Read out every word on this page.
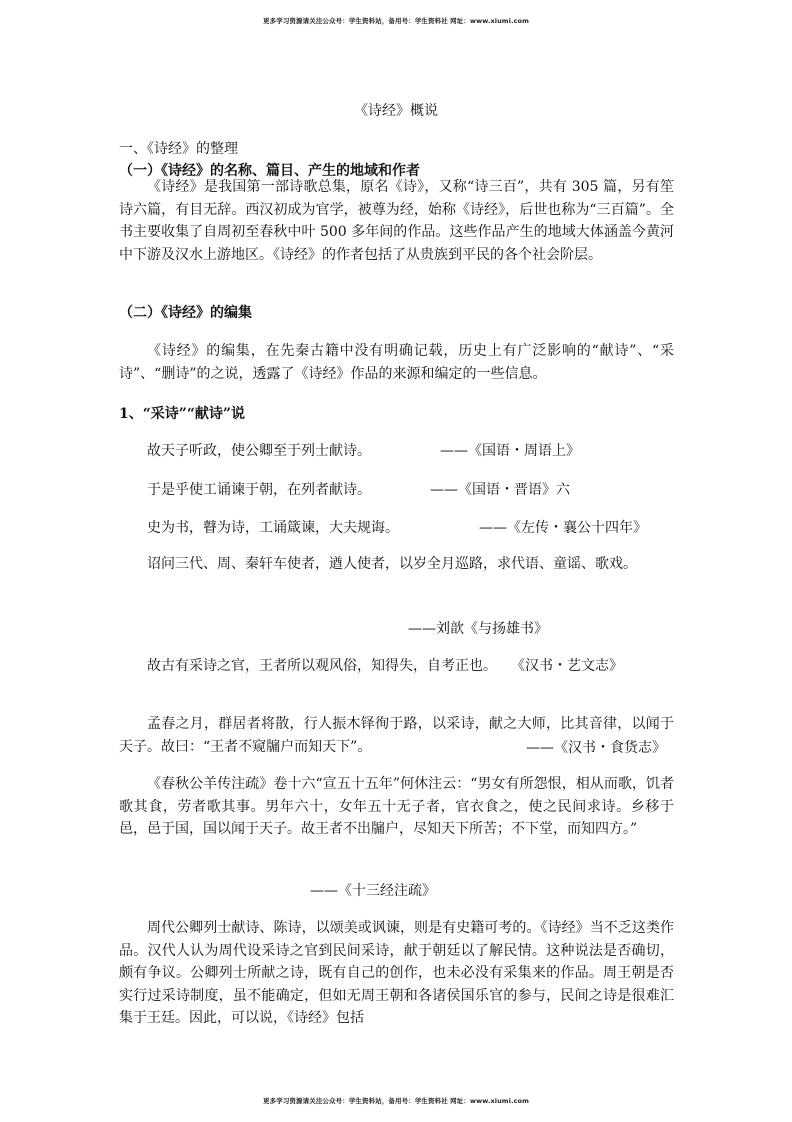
更多学习资源请关注公众号：学生资料站，备用号：学生资料社 网址：www.xiumi.com
《诗经》概说
一、《诗经》的整理
（一）《诗经》的名称、篇目、产生的地域和作者
《诗经》是我国第一部诗歌总集，原名《诗》，又称“诗三百”，共有 305 篇，另有笙诗六篇，有目无辞。西汉初成为官学，被尊为经，始称《诗经》，后世也称为“三百篇”。全书主要收集了自周初至春秋中叶 500 多年间的作品。这些作品产生的地域大体涵盖今黄河中下游及汉水上游地区。《诗经》的作者包括了从贵族到平民的各个社会阶层。
（二）《诗经》的编集
《诗经》的编集，在先秦古籍中没有明确记载，历史上有广泛影响的“献诗”、“采诗”、“删诗”的之说，透露了《诗经》作品的来源和编定的一些信息。
1、“采诗”“献诗”说
故天子听政，使公卿至于列士献诗。	——《国语・周语上》
于是乎使工诵谏于朝，在列者献诗。	——《国语・晋语》六
史为书，瞽为诗，工诵箴谏，大夫规诲。	——《左传・襄公十四年》
诏问三代、周、秦轩车使者，遒人使者，以岁全月巡路，求代语、童谣、歌戏。
——刘歆《与扬雄书》
故古有采诗之官，王者所以观风俗，知得失，自考正也。　　《汉书・艺文志》
孟春之月，群居者将散，行人振木铎徇于路，以采诗，献之大师，比其音律，以闻于天子。故曰：“王者不窥牖户而知天下”。	——《汉书・食货志》
《春秋公羊传注疏》卷十六“宣五十五年”何休注云：“男女有所怨恨，相从而歌，饥者歌其食，劳者歌其事。男年六十，女年五十无子者，官衣食之，使之民间求诗。乡移于邑，邑于国，国以闻于天子。故王者不出牖户，尽知天下所苦；不下堂，而知四方。”
——《十三经注疏》
周代公卿列士献诗、陈诗，以颂美或讽谏，则是有史籍可考的。《诗经》当不乏这类作品。汉代人认为周代设采诗之官到民间采诗，献于朝廷以了解民情。这种说法是否确切，颇有争议。公卿列士所献之诗，既有自己的创作，也未必没有采集来的作品。周王朝是否实行过采诗制度，虽不能确定，但如无周王朝和各诸侯国乐官的参与，民间之诗是很难汇集于王廷。因此，可以说，《诗经》包括
更多学习资源请关注公众号：学生资料站，备用号：学生资料社 网址：www.xiumi.com
